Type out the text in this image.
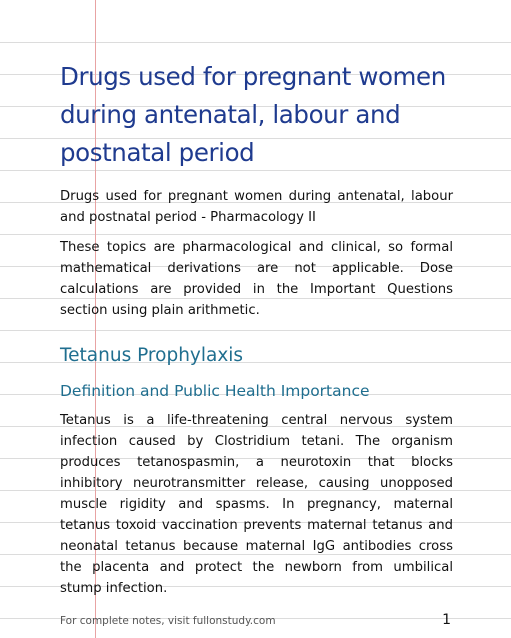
Drugs used for pregnant women during antenatal, labour and postnatal period

Drugs used for pregnant women during antenatal, labour and postnatal period - Pharmacology II

These topics are pharmacological and clinical, so formal mathematical derivations are not applicable. Dose calculations are provided in the Important Questions section using plain arithmetic.

Tetanus Prophylaxis
Definition and Public Health Importance

Tetanus is a life-threatening central nervous system infection caused by Clostridium tetani. The organism produces tetanospasmin, a neurotoxin that blocks inhibitory neurotransmitter release, causing unopposed muscle rigidity and spasms. In pregnancy, maternal tetanus toxoid vaccination prevents maternal tetanus and neonatal tetanus because maternal IgG antibodies cross the placenta and protect the newborn from umbilical stump infection.

For complete notes, visit fullonstudy.com	1
